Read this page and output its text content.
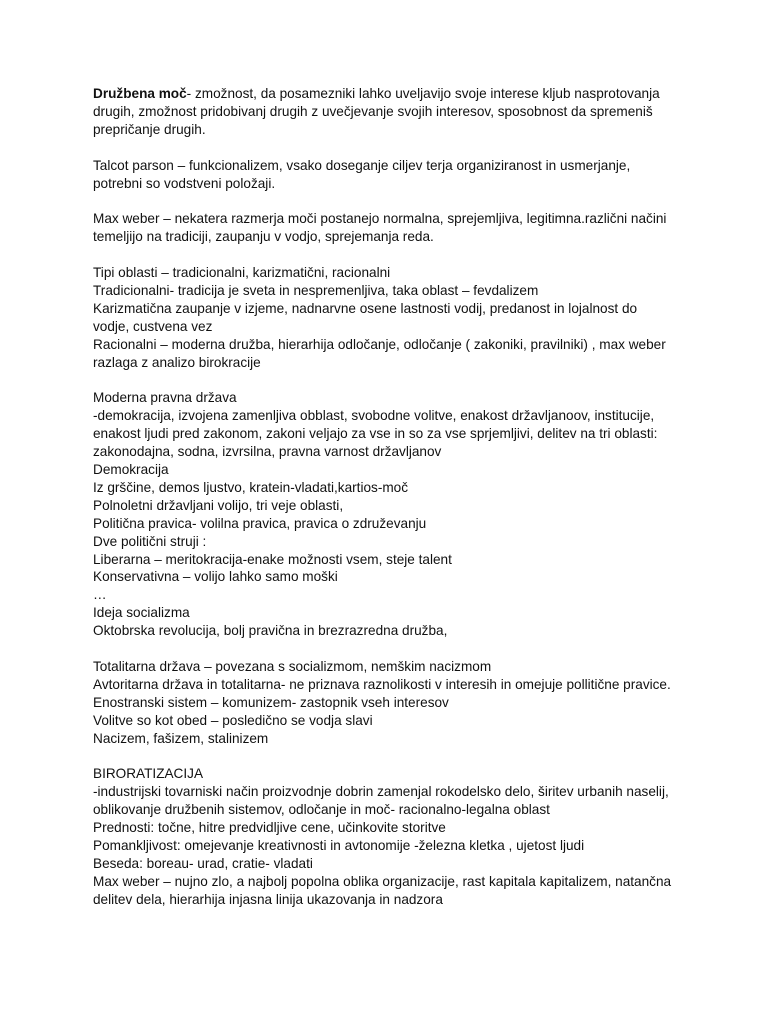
Družbena moč- zmožnost, da posamezniki lahko uveljavijo svoje interese kljub nasprotovanja drugih, zmožnost pridobivanj drugih z uvečjevanje svojih interesov, sposobnost da spremeniš prepričanje drugih.

Talcot parson – funkcionalizem, vsako doseganje ciljev terja organiziranost in usmerjanje, potrebni so vodstveni položaji.

Max weber – nekatera razmerja moči postanejo normalna, sprejemljiva, legitimna.različni načini temeljijo na tradiciji, zaupanju v vodjo, sprejemanja reda.

Tipi oblasti – tradicionalni, karizmatični, racionalni
Tradicionalni- tradicija je sveta in nespremenljiva, taka oblast – fevdalizem
Karizmatična zaupanje v izjeme, nadnarvne osene lastnosti vodij, predanost in lojalnost do vodje, custvena vez
Racionalni – moderna družba, hierarhija odločanje, odločanje ( zakoniki, pravilniki) , max weber razlaga z analizo birokracije

Moderna pravna država
-demokracija, izvojena zamenljiva obblast, svobodne volitve, enakost državljanoov, institucije, enakost ljudi pred zakonom, zakoni veljajo za vse in so za vse sprjemljivi, delitev na tri oblasti: zakonodajna, sodna, izvrsilna, pravna varnost državljanov
Demokracija
Iz grščine, demos ljustvo, kratein-vladati,kartios-moč
Polnoletni državljani volijo, tri veje oblasti,
Politična pravica- volilna pravica, pravica o združevanju
Dve politični struji :
Liberarna – meritokracija-enake možnosti vsem, steje talent
Konservativna – volijo lahko samo moški
…
Ideja socializma
Oktobrska revolucija, bolj pravična in brezrazredna družba,

Totalitarna država – povezana s socializmom, nemškim nacizmom
Avtoritarna država in totalitarna- ne priznava raznolikosti v interesih in omejuje pollitične pravice. Enostranski sistem – komunizem- zastopnik vseh interesov
Volitve so kot obed – posledično se vodja slavi
Nacizem, fašizem, stalinizem

BIRORATIZACIJA
-industrijski tovarniski način proizvodnje dobrin zamenjal rokodelsko delo, širitev urbanih naselij, oblikovanje družbenih sistemov, odločanje in moč- racionalno-legalna oblast
Prednosti: točne, hitre predvidljive cene, učinkovite storitve
Pomankljivost: omejevanje kreativnosti in avtonomije -železna kletka , ujetost ljudi
Beseda: boreau- urad, cratie- vladati
Max weber – nujno zlo, a najbolj popolna oblika organizacije, rast kapitala kapitalizem, natančna delitev dela, hierarhija injasna linija ukazovanja in nadzora
